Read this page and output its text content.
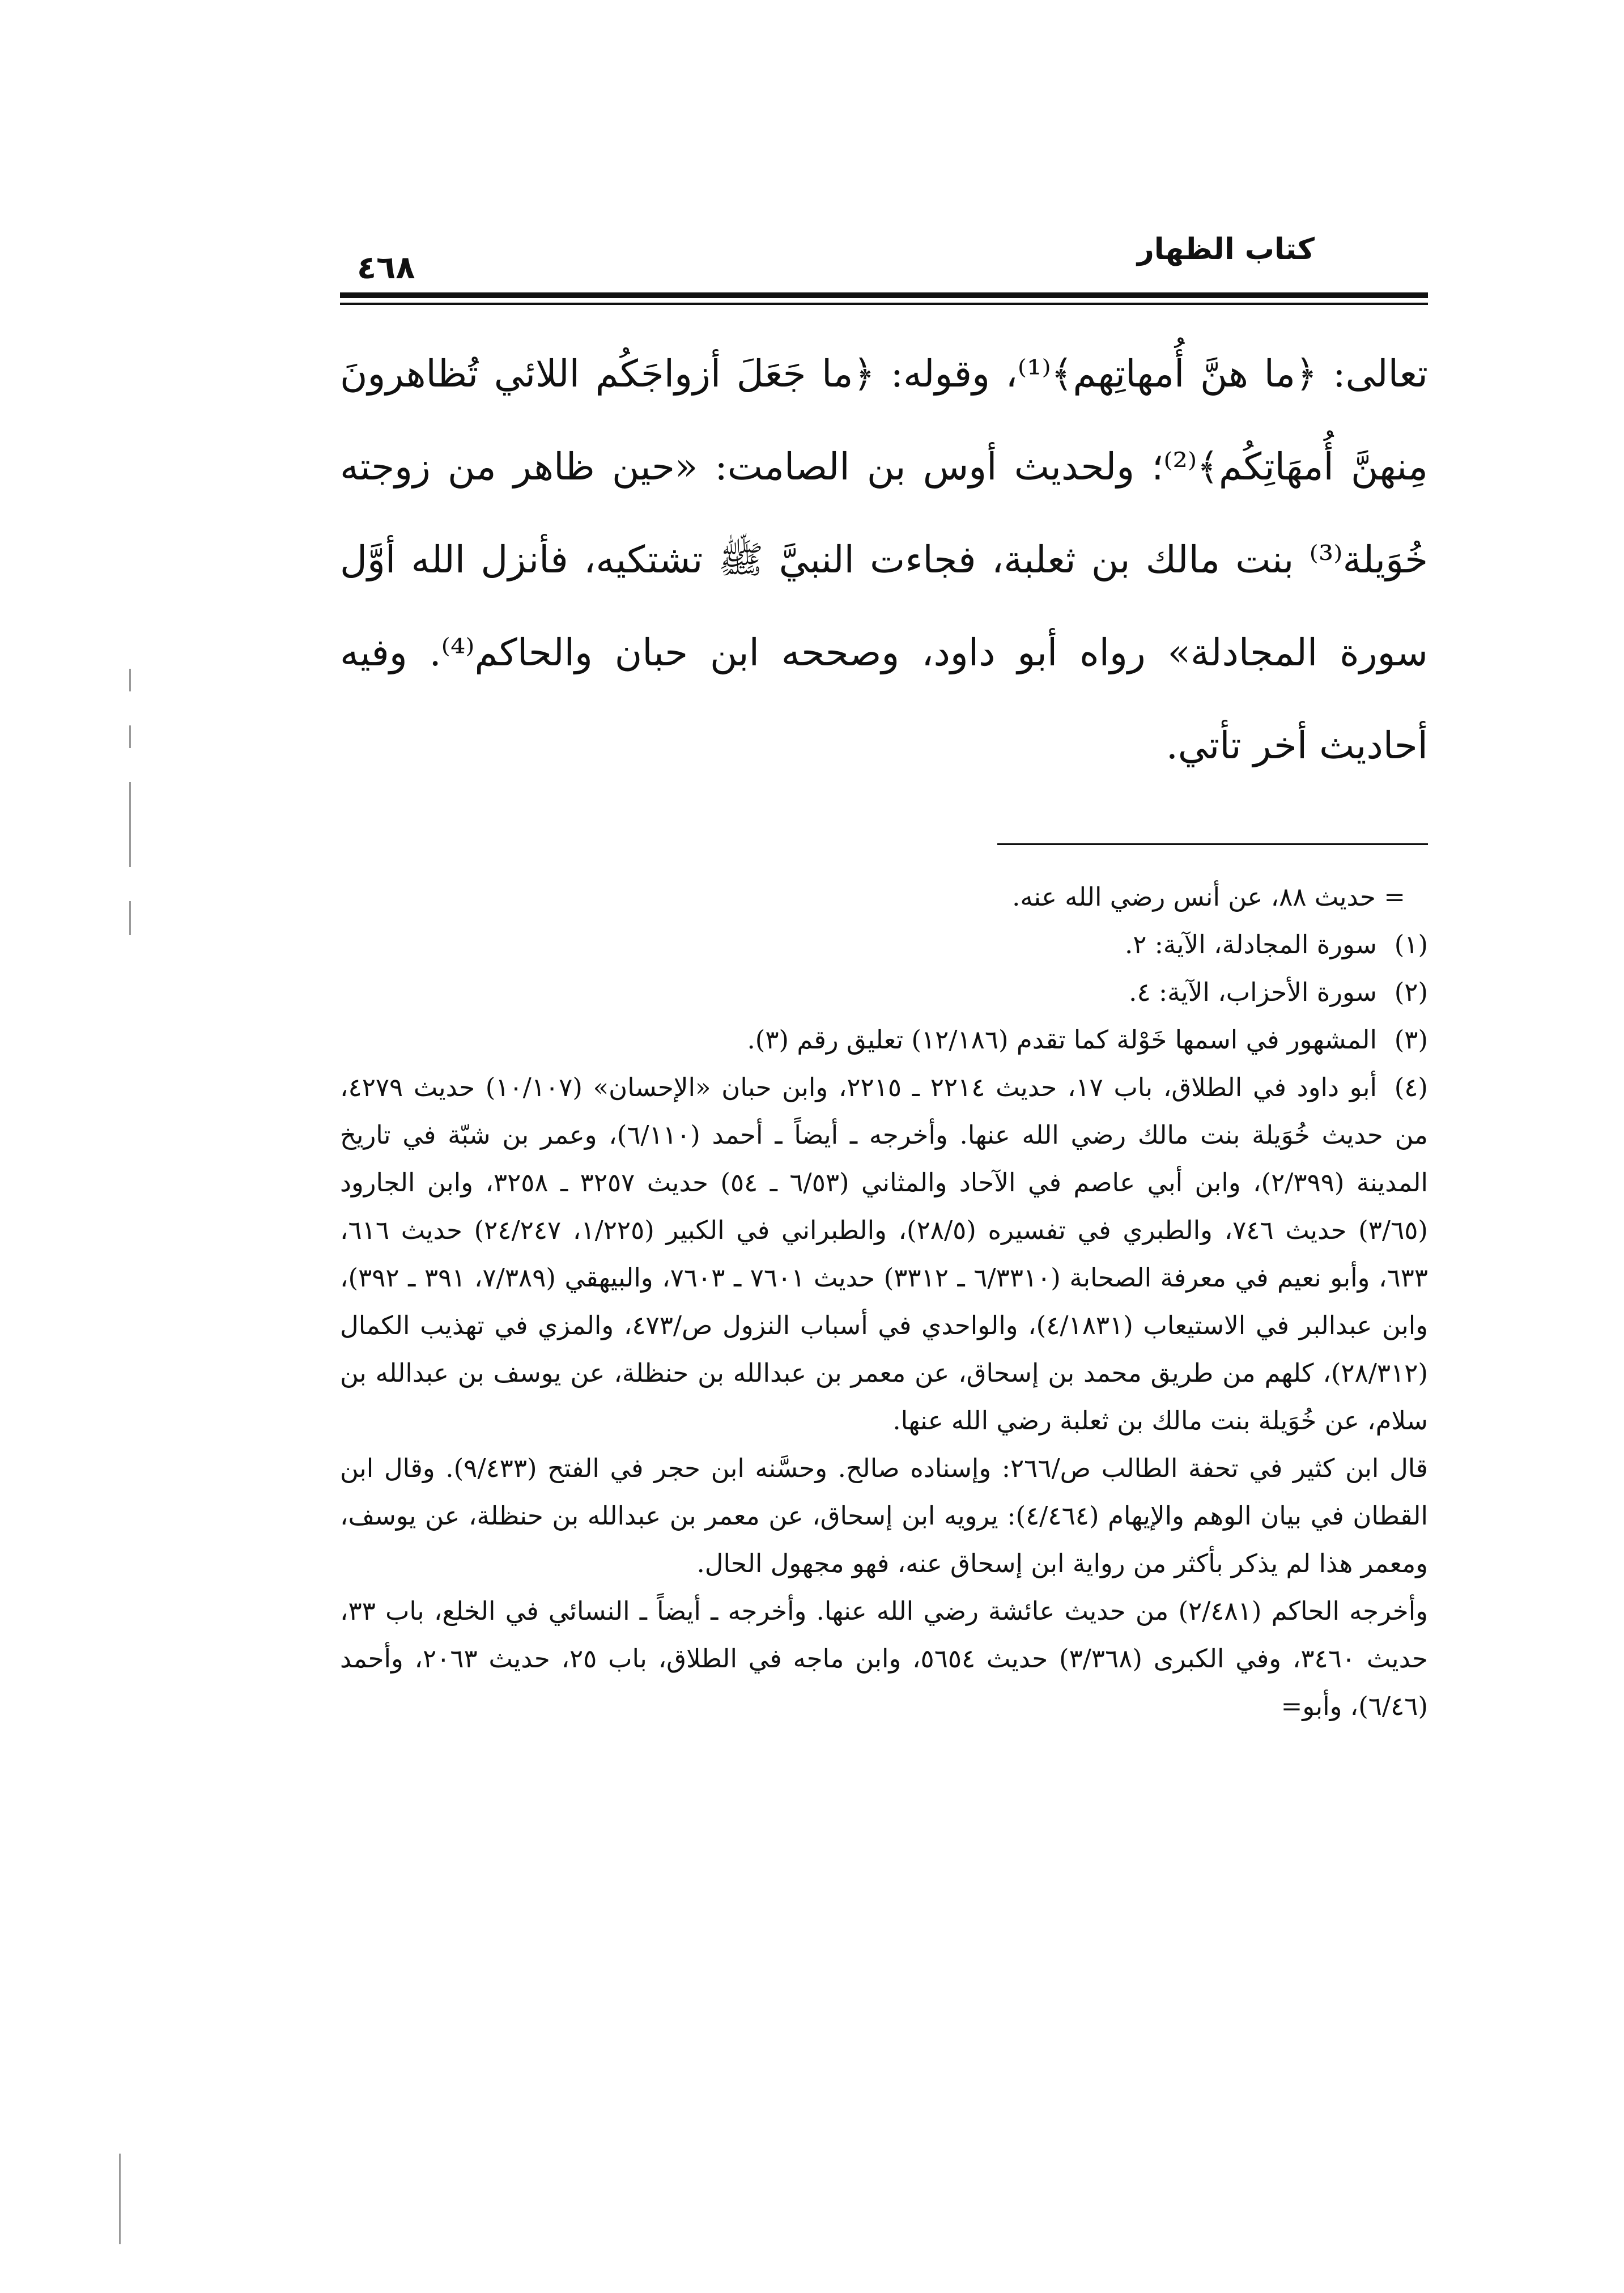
كتاب الظهار
٤٦٨
تعالى: ﴿ما هنَّ أُمهاتِهم﴾⁽¹⁾، وقوله: ﴿ما جَعَلَ أزواجَكُم اللائي تُظاهرونَ مِنهنَّ أُمهَاتِكُم﴾⁽²⁾؛ ولحديث أوس بن الصامت: «حين ظاهر من زوجته خُوَيلة⁽³⁾ بنت مالك بن ثعلبة، فجاءت النبيَّ ﷺ تشتكيه، فأنزل الله أوَّل سورة المجادلة» رواه أبو داود، وصححه ابن حبان والحاكم⁽⁴⁾. وفيه أحاديث أخر تأتي.

= حديث ٨٨، عن أنس رضي الله عنه.

(١)سورة المجادلة، الآية: ٢.

(٢)سورة الأحزاب، الآية: ٤.

(٣)المشهور في اسمها خَوْلة كما تقدم (١٢/١٨٦) تعليق رقم (٣).

(٤)أبو داود في الطلاق، باب ١٧، حديث ٢٢١٤ ـ ٢٢١٥، وابن حبان «الإحسان» (١٠/١٠٧) حديث ٤٢٧٩، من حديث خُوَيلة بنت مالك رضي الله عنها. وأخرجه ـ أيضاً ـ أحمد (٦/١١٠)، وعمر بن شبّة في تاريخ المدينة (٢/٣٩٩)، وابن أبي عاصم في الآحاد والمثاني (٦/٥٣ ـ ٥٤) حديث ٣٢٥٧ ـ ٣٢٥٨، وابن الجارود (٣/٦٥) حديث ٧٤٦، والطبري في تفسيره (٢٨/٥)، والطبراني في الكبير (١/٢٢٥، ٢٤/٢٤٧) حديث ٦١٦، ٦٣٣، وأبو نعيم في معرفة الصحابة (٦/٣٣١٠ ـ ٣٣١٢) حديث ٧٦٠١ ـ ٧٦٠٣، والبيهقي (٧/٣٨٩، ٣٩١ ـ ٣٩٢)، وابن عبدالبر في الاستيعاب (٤/١٨٣١)، والواحدي في أسباب النزول ص/٤٧٣، والمزي في تهذيب الكمال (٢٨/٣١٢)، كلهم من طريق محمد بن إسحاق، عن معمر بن عبدالله بن حنظلة، عن يوسف بن عبدالله بن سلام، عن خُوَيلة بنت مالك بن ثعلبة رضي الله عنها.

قال ابن كثير في تحفة الطالب ص/٢٦٦: وإسناده صالح. وحسَّنه ابن حجر في الفتح (٩/٤٣٣). وقال ابن القطان في بيان الوهم والإيهام (٤/٤٦٤): يرويه ابن إسحاق، عن معمر بن عبدالله بن حنظلة، عن يوسف، ومعمر هذا لم يذكر بأكثر من رواية ابن إسحاق عنه، فهو مجهول الحال.

وأخرجه الحاكم (٢/٤٨١) من حديث عائشة رضي الله عنها. وأخرجه ـ أيضاً ـ النسائي في الخلع، باب ٣٣، حديث ٣٤٦٠، وفي الكبرى (٣/٣٦٨) حديث ٥٦٥٤، وابن ماجه في الطلاق، باب ٢٥، حديث ٢٠٦٣، وأحمد (٦/٤٦)، وأبو=
